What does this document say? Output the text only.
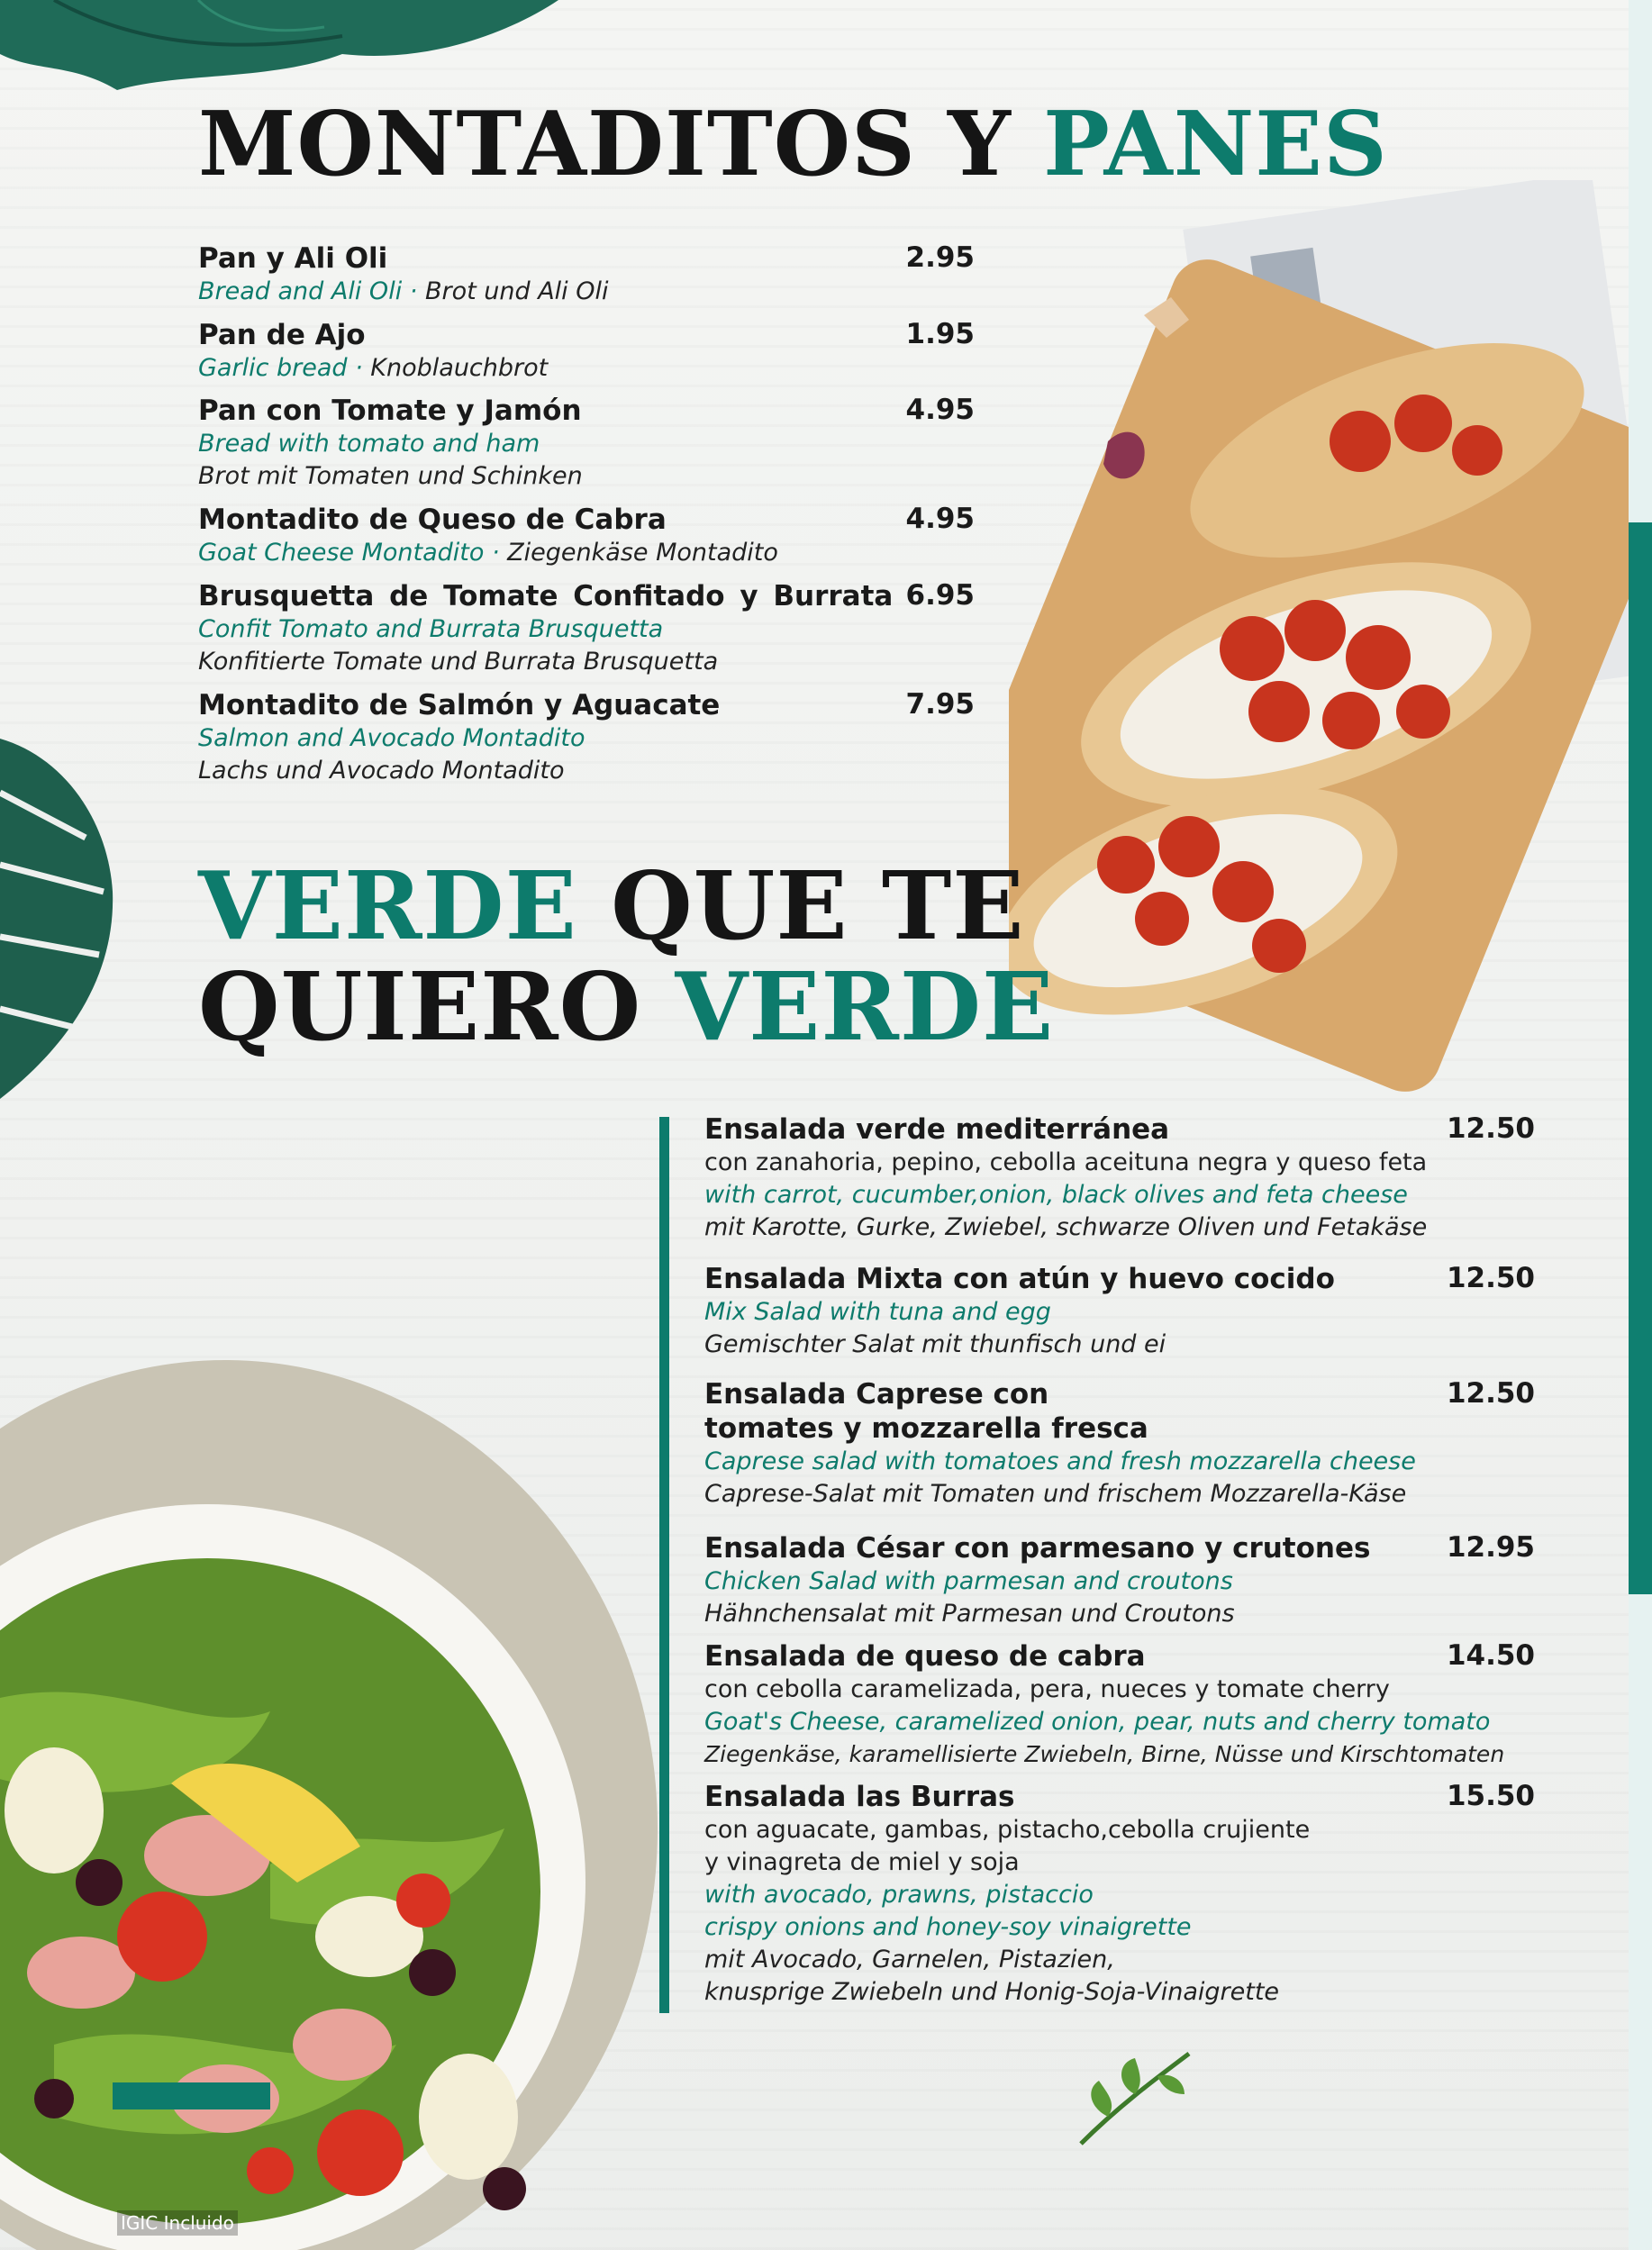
MONTADITOS Y PANES
Pan y Ali Oli	2.95
Bread and Ali Oli · Brot und Ali Oli
Pan de Ajo	1.95
Garlic bread · Knoblauchbrot
Pan con Tomate y Jamón	4.95
Bread with tomato and ham
Brot mit Tomaten und Schinken
Montadito de Queso de Cabra	4.95
Goat Cheese Montadito · Ziegenkäse Montadito
Brusquetta de Tomate Confitado y Burrata 6.95
Confit Tomato and Burrata Brusquetta
Konfitierte Tomate und Burrata Brusquetta
Montadito de Salmón y Aguacate	7.95
Salmon and Avocado Montadito
Lachs und Avocado Montadito
VERDE QUE TE
QUIERO VERDE
Ensalada verde mediterránea	12.50
con zanahoria, pepino, cebolla aceituna negra y queso feta
with carrot, cucumber,onion, black olives and feta cheese
mit Karotte, Gurke, Zwiebel, schwarze Oliven und Fetakäse
Ensalada Mixta con atún y huevo cocido	12.50
Mix Salad with tuna and egg
Gemischter Salat mit thunfisch und ei
Ensalada Caprese con
tomates y mozzarella fresca
12.50
Caprese salad with tomatoes and fresh mozzarella cheese
Caprese-Salat mit Tomaten und frischem Mozzarella-Käse
Ensalada César con parmesano y crutones	12.95
Chicken Salad with parmesan and croutons
Hähnchensalat mit Parmesan und Croutons
Ensalada de queso de cabra	14.50
con cebolla caramelizada, pera, nueces y tomate cherry
Goat's Cheese, caramelized onion, pear, nuts and cherry tomato
Ziegenkäse, karamellisierte Zwiebeln, Birne, Nüsse und Kirschtomaten
Ensalada las Burras	15.50
con aguacate, gambas, pistacho,cebolla crujiente
y vinagreta de miel y soja
with avocado, prawns, pistaccio
crispy onions and honey-soy vinaigrette
mit Avocado, Garnelen, Pistazien,
knusprige Zwiebeln und Honig-Soja-Vinaigrette
IGIC Incluido
